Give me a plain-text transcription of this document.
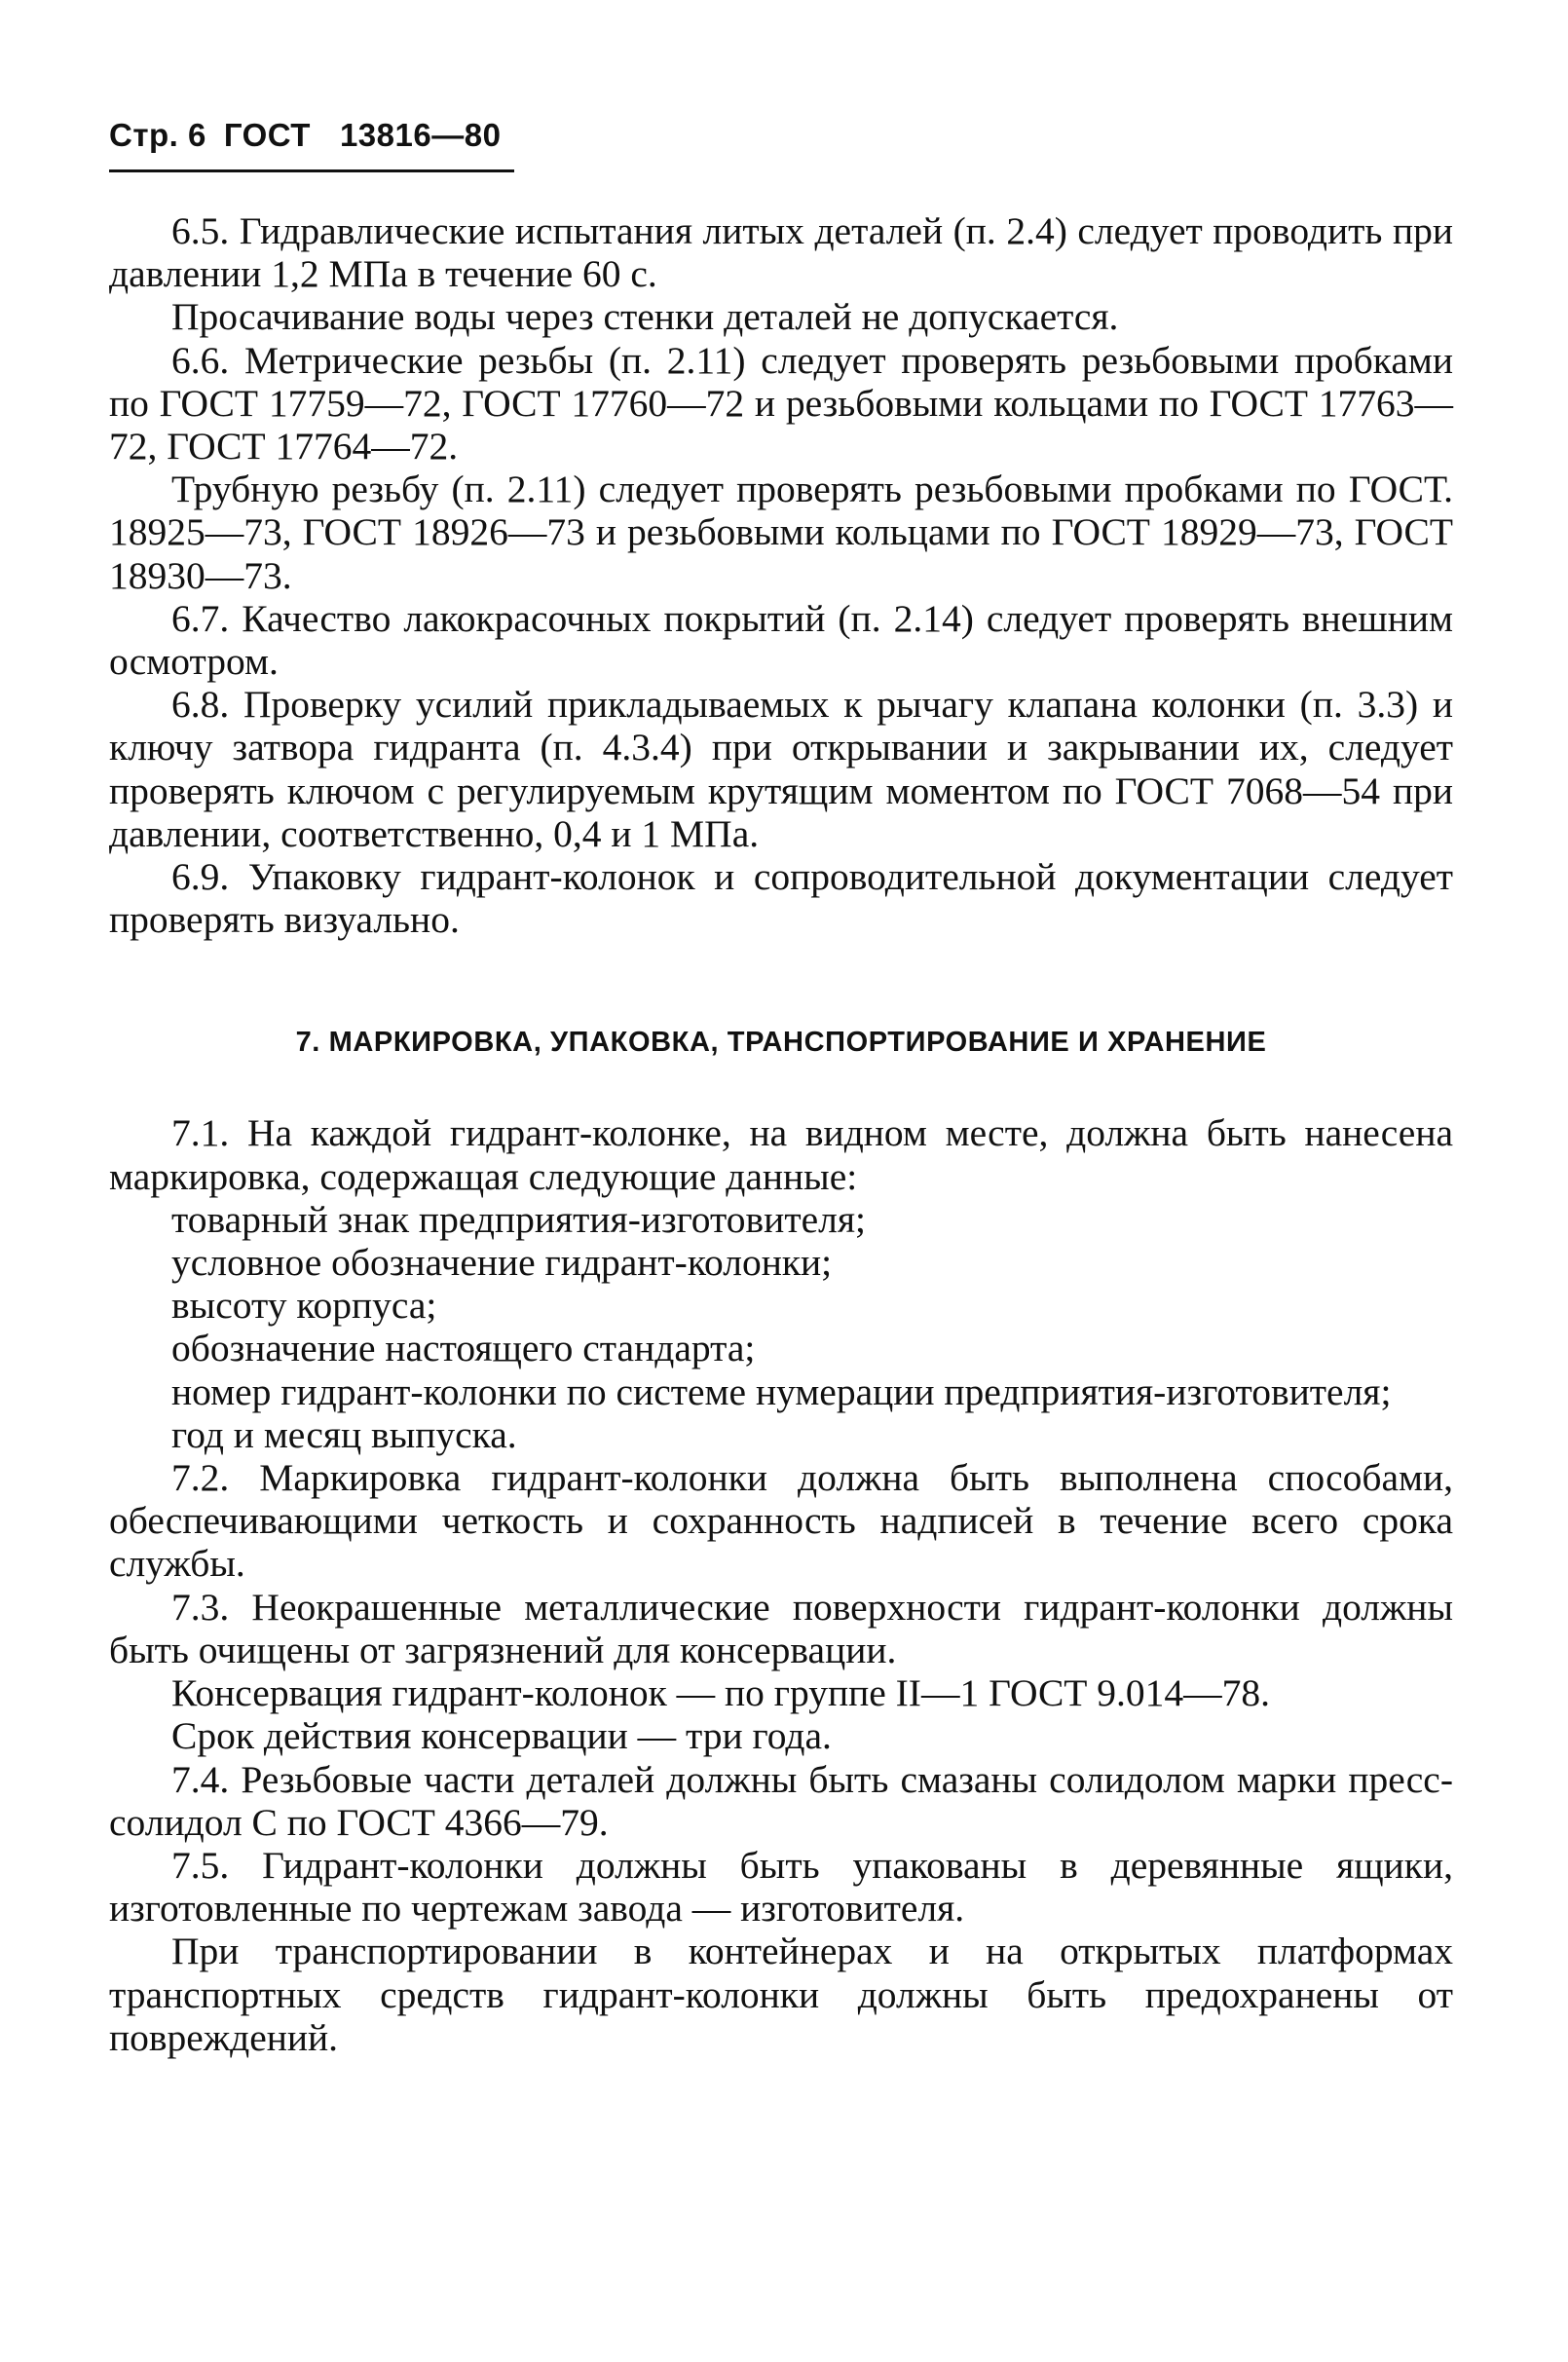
Стр. 6 ГОСТ 13816—80

6.5. Гидравлические испытания литых деталей (п. 2.4) следует проводить при давлении 1,2 МПа в течение 60 с.

Просачивание воды через стенки деталей не допускается.

6.6. Метрические резьбы (п. 2.11) следует проверять резьбовыми пробками по ГОСТ 17759—72, ГОСТ 17760—72 и резьбовыми кольцами по ГОСТ 17763—72, ГОСТ 17764—72.

Трубную резьбу (п. 2.11) следует проверять резьбовыми пробками по ГОСТ. 18925—73, ГОСТ 18926—73 и резьбовыми кольцами по ГОСТ 18929—73, ГОСТ 18930—73.

6.7. Качество лакокрасочных покрытий (п. 2.14) следует проверять внешним осмотром.

6.8. Проверку усилий прикладываемых к рычагу клапана колонки (п. 3.3) и ключу затвора гидранта (п. 4.3.4) при открывании и закрывании их, следует проверять ключом с регулируемым крутящим моментом по ГОСТ 7068—54 при давлении, соответственно, 0,4 и 1 МПа.

6.9. Упаковку гидрант-колонок и сопроводительной документации следует проверять визуально.

7. МАРКИРОВКА, УПАКОВКА, ТРАНСПОРТИРОВАНИЕ И ХРАНЕНИЕ

7.1. На каждой гидрант-колонке, на видном месте, должна быть нанесена маркировка, содержащая следующие данные:

товарный знак предприятия-изготовителя;

условное обозначение гидрант-колонки;

высоту корпуса;

обозначение настоящего стандарта;

номер гидрант-колонки по системе нумерации предприятия-изготовителя;

год и месяц выпуска.

7.2. Маркировка гидрант-колонки должна быть выполнена способами, обеспечивающими четкость и сохранность надписей в течение всего срока службы.

7.3. Неокрашенные металлические поверхности гидрант-колонки должны быть очищены от загрязнений для консервации.

Консервация гидрант-колонок — по группе II—1 ГОСТ 9.014—78.

Срок действия консервации — три года.

7.4. Резьбовые части деталей должны быть смазаны солидолом марки пресс-солидол С по ГОСТ 4366—79.

7.5. Гидрант-колонки должны быть упакованы в деревянные ящики, изготовленные по чертежам завода — изготовителя.

При транспортировании в контейнерах и на открытых платформах транспортных средств гидрант-колонки должны быть предохранены от повреждений.
